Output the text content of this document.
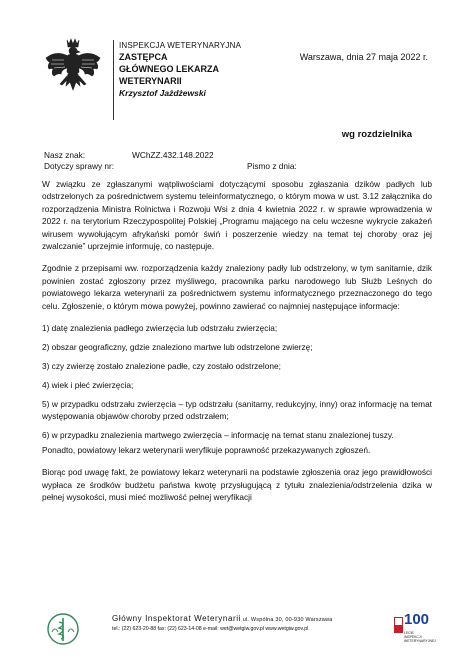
INSPEKCJA WETERYNARYJNA
ZASTĘPCA
GŁÓWNEGO LEKARZA
WETERYNARII
Krzysztof Jażdżewski
Warszawa, dnia 27 maja 2022 r.
wg rozdzielnika
Nasz znak:	WChZZ.432.148.2022
Dotyczy sprawy nr:	Pismo z dnia:

W związku ze zgłaszanymi wątpliwościami dotyczącymi sposobu zgłaszania dzików padłych lub odstrzelonych za pośrednictwem systemu teleinformatycznego, o którym mowa w ust. 3.12 załącznika do rozporządzenia Ministra Rolnictwa i Rozwoju Wsi z dnia 4 kwietnia 2022 r. w sprawie wprowadzenia w 2022 r. na terytorium Rzeczypospolitej Polskiej „Programu mającego na celu wczesne wykrycie zakażeń wirusem wywołującym afrykański pomór świń i poszerzenie wiedzy na temat tej choroby oraz jej zwalczanie” uprzejmie informuję, co następuje.

Zgodnie z przepisami ww. rozporządzenia każdy znaleziony padły lub odstrzelony, w tym sanitarnie, dzik powinien zostać zgłoszony przez myśliwego, pracownika parku narodowego lub Służb Leśnych do powiatowego lekarza weterynarii za pośrednictwem systemu informatycznego przeznaczonego do tego celu. Zgłoszenie, o którym mowa powyżej, powinno zawierać co najmniej następujące informacje:

1) datę znalezienia padłego zwierzęcia lub odstrzału zwierzęcia;
2) obszar geograficzny, gdzie znaleziono martwe lub odstrzelone zwierzę;
3) czy zwierzę zostało znalezione padłe, czy zostało odstrzelone;
4) wiek i płeć zwierzęcia;
5) w przypadku odstrzału zwierzęcia – typ odstrzału (sanitarny, redukcyjny, inny) oraz informację na temat występowania objawów choroby przed odstrzałem;
6) w przypadku znalezienia martwego zwierzęcia – informację na temat stanu znalezionej tuszy.

Ponadto, powiatowy lekarz weterynarii weryfikuje poprawność przekazywanych zgłoszeń.

Biorąc pod uwagę fakt, że powiatowy lekarz weterynarii na podstawie zgłoszenia oraz jego prawidłowości wypłaca ze środków budżetu państwa kwotę przysługującą z tytułu znalezienia/odstrzelenia dzika w pełnej wysokości, musi mieć możliwość pełnej weryfikacji

Główny Inspektorat Weterynarii ul. Wspólna 30, 00-930 Warszawa
tel.: (22) 623-20-88 fax: (22) 623-14-08 e-mail: wet@wetgiw.gov.pl www.wetgiw.gov.pl
100
LECIE INSPEKCJI WETERYNARYJNEJ
